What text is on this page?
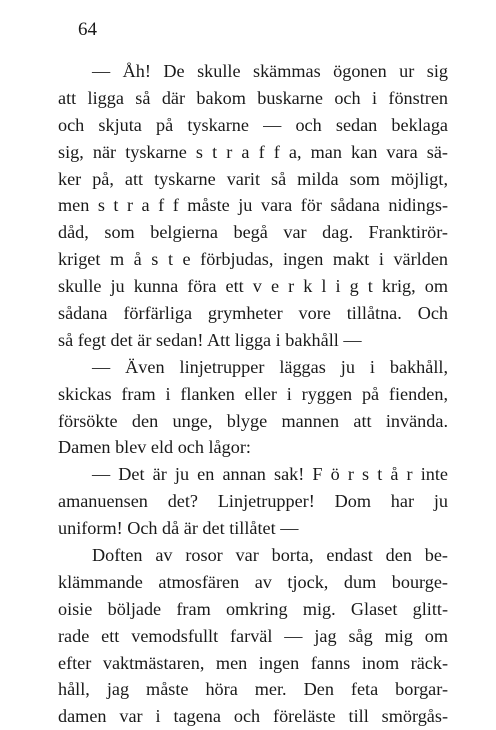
64

— Åh! De skulle skämmas ögonen ur sig
att ligga så där bakom buskarne och i fönstren
och skjuta på tyskarne — och sedan beklaga
sig, när tyskarne s t r a f f a, man kan vara sä-
ker på, att tyskarne varit så milda som möjligt,
men s t r a f f måste ju vara för sådana nidings-
dåd, som belgierna begå var dag. Franktirör-
kriget m å s t e förbjudas, ingen makt i världen
skulle ju kunna föra ett v e r k l i g t krig, om
sådana förfärliga grymheter vore tillåtna. Och
så fegt det är sedan! Att ligga i bakhåll —
— Även linjetrupper läggas ju i bakhåll,
skickas fram i flanken eller i ryggen på fienden,
försökte den unge, blyge mannen att invända.
Damen blev eld och lågor:
— Det är ju en annan sak! F ö r s t å r inte
amanuensen det? Linjetrupper! Dom har ju
uniform! Och då är det tillåtet —
Doften av rosor var borta, endast den be-
klämmande atmosfären av tjock, dum bourge-
oisie böljade fram omkring mig. Glaset glitt-
rade ett vemodsfullt farväl — jag såg mig om
efter vaktmästaren, men ingen fanns inom räck-
håll, jag måste höra mer. Den feta borgar-
damen var i tagena och föreläste till smörgås-
